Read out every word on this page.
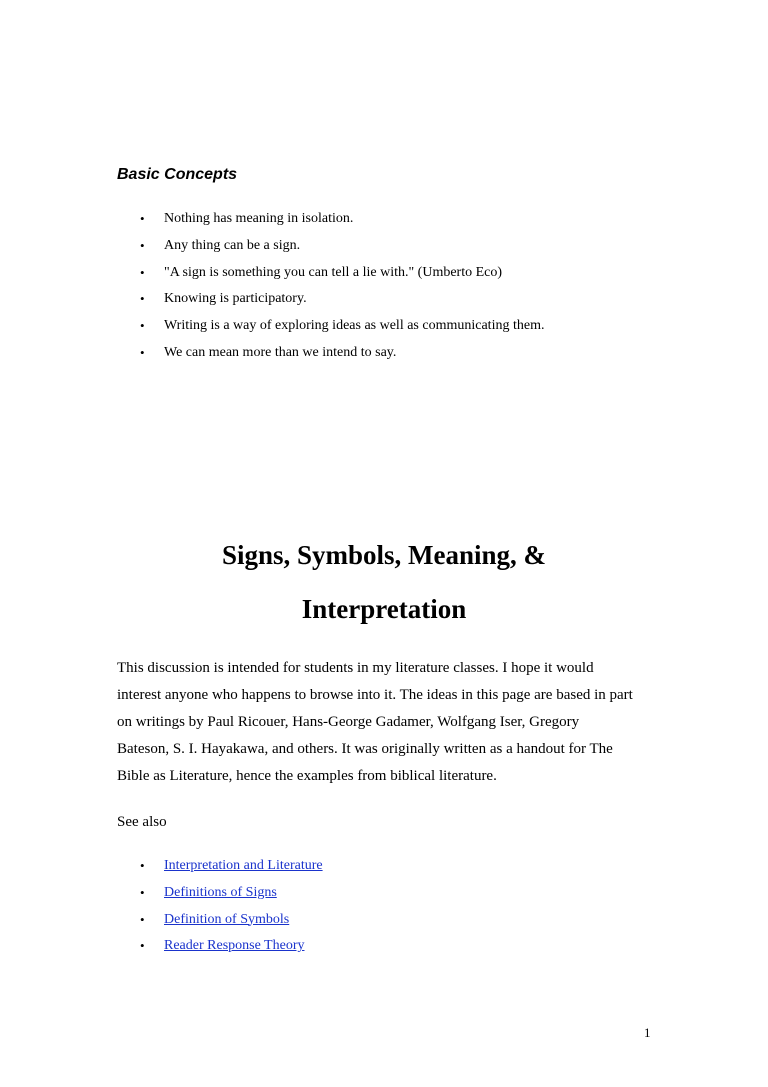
Basic Concepts
• Nothing has meaning in isolation.
• Any thing can be a sign.
• "A sign is something you can tell a lie with." (Umberto Eco)
• Knowing is participatory.
• Writing is a way of exploring ideas as well as communicating them.
• We can mean more than we intend to say.
Signs, Symbols, Meaning, &
Interpretation

This discussion is intended for students in my literature classes. I hope it would
interest anyone who happens to browse into it. The ideas in this page are based in part
on writings by Paul Ricouer, Hans-George Gadamer, Wolfgang Iser, Gregory
Bateson, S. I. Hayakawa, and others. It was originally written as a handout for The
Bible as Literature, hence the examples from biblical literature.

See also
• Interpretation and Literature
• Definitions of Signs
• Definition of Symbols
• Reader Response Theory
1
